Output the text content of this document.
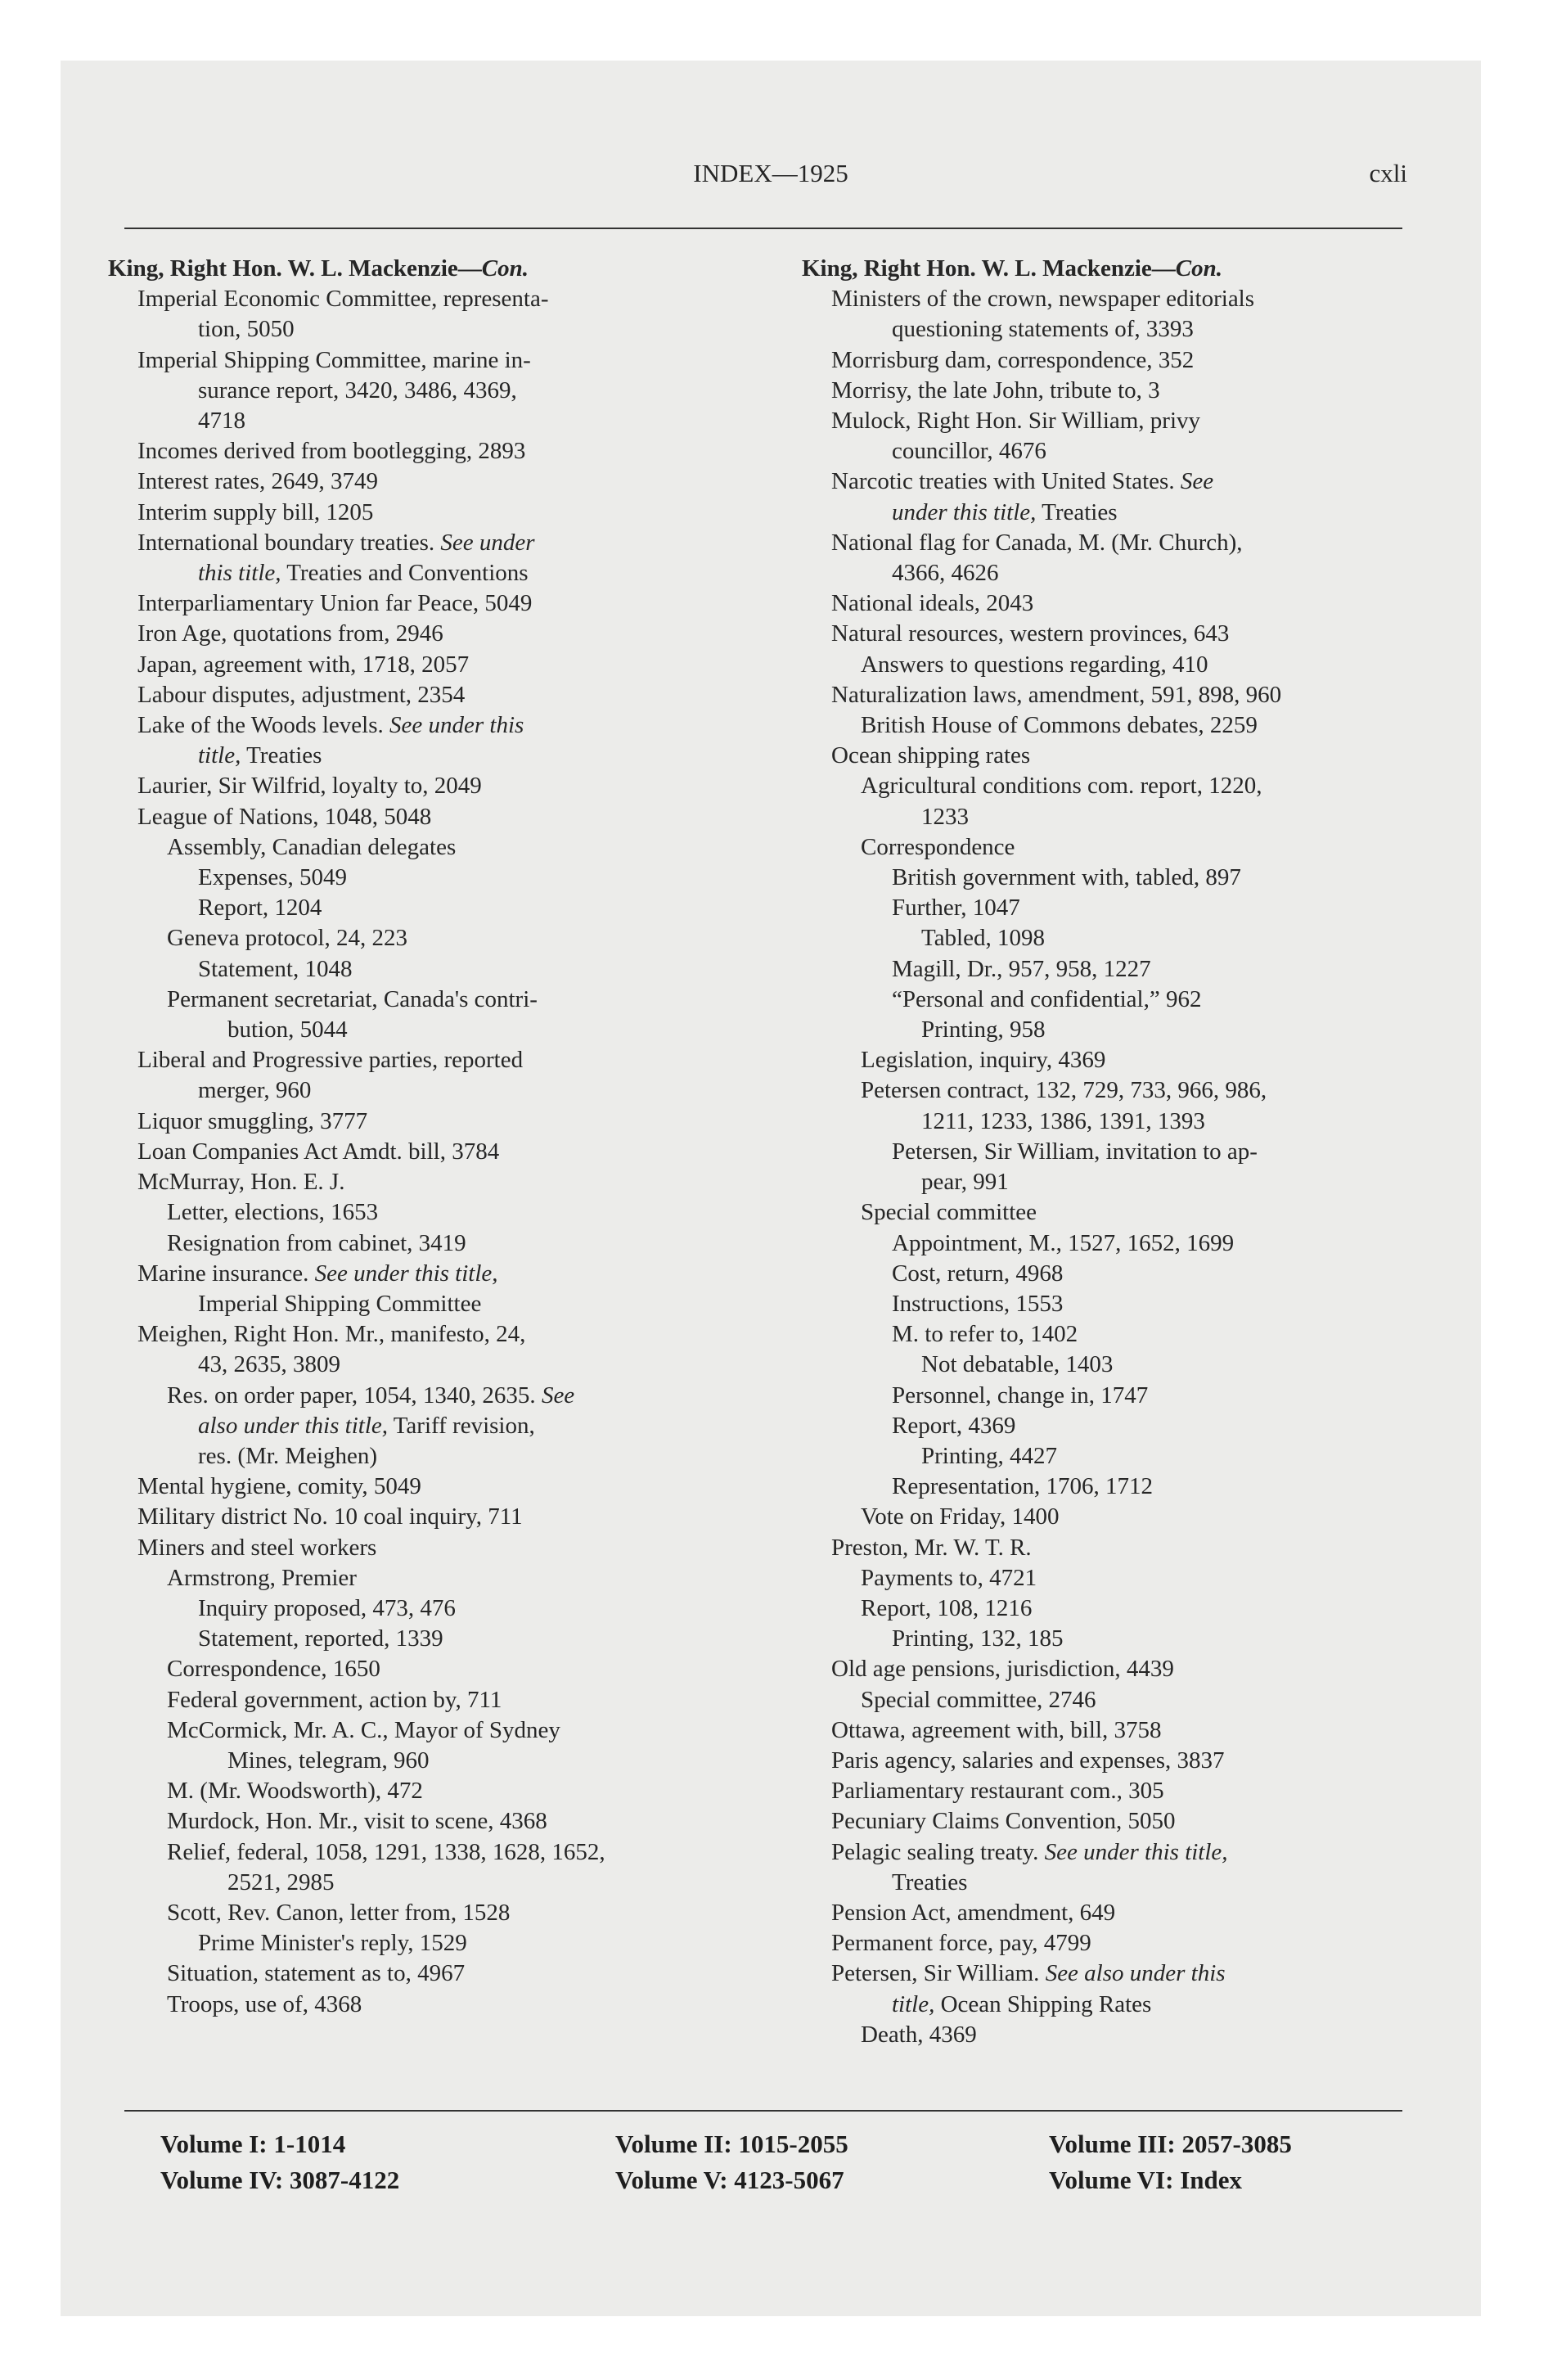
INDEX—1925	cxli
King, Right Hon. W. L. Mackenzie—Con.
Imperial Economic Committee, representa-
tion, 5050
Imperial Shipping Committee, marine in-
surance report, 3420, 3486, 4369,
4718
Incomes derived from bootlegging, 2893
Interest rates, 2649, 3749
Interim supply bill, 1205
International boundary treaties. See under
this title, Treaties and Conventions
Interparliamentary Union far Peace, 5049
Iron Age, quotations from, 2946
Japan, agreement with, 1718, 2057
Labour disputes, adjustment, 2354
Lake of the Woods levels. See under this
title, Treaties
Laurier, Sir Wilfrid, loyalty to, 2049
League of Nations, 1048, 5048
Assembly, Canadian delegates
Expenses, 5049
Report, 1204
Geneva protocol, 24, 223
Statement, 1048
Permanent secretariat, Canada's contri-
bution, 5044
Liberal and Progressive parties, reported
merger, 960
Liquor smuggling, 3777
Loan Companies Act Amdt. bill, 3784
McMurray, Hon. E. J.
Letter, elections, 1653
Resignation from cabinet, 3419
Marine insurance. See under this title,
Imperial Shipping Committee
Meighen, Right Hon. Mr., manifesto, 24,
43, 2635, 3809
Res. on order paper, 1054, 1340, 2635. See
also under this title, Tariff revision,
res. (Mr. Meighen)
Mental hygiene, comity, 5049
Military district No. 10 coal inquiry, 711
Miners and steel workers
Armstrong, Premier
Inquiry proposed, 473, 476
Statement, reported, 1339
Correspondence, 1650
Federal government, action by, 711
McCormick, Mr. A. C., Mayor of Sydney
Mines, telegram, 960
M. (Mr. Woodsworth), 472
Murdock, Hon. Mr., visit to scene, 4368
Relief, federal, 1058, 1291, 1338, 1628, 1652,
2521, 2985
Scott, Rev. Canon, letter from, 1528
Prime Minister's reply, 1529
Situation, statement as to, 4967
Troops, use of, 4368
King, Right Hon. W. L. Mackenzie—Con.
Ministers of the crown, newspaper editorials
questioning statements of, 3393
Morrisburg dam, correspondence, 352
Morrisy, the late John, tribute to, 3
Mulock, Right Hon. Sir William, privy
councillor, 4676
Narcotic treaties with United States. See
under this title, Treaties
National flag for Canada, M. (Mr. Church),
4366, 4626
National ideals, 2043
Natural resources, western provinces, 643
Answers to questions regarding, 410
Naturalization laws, amendment, 591, 898, 960
British House of Commons debates, 2259
Ocean shipping rates
Agricultural conditions com. report, 1220,
1233
Correspondence
British government with, tabled, 897
Further, 1047
Tabled, 1098
Magill, Dr., 957, 958, 1227
“Personal and confidential,” 962
Printing, 958
Legislation, inquiry, 4369
Petersen contract, 132, 729, 733, 966, 986,
1211, 1233, 1386, 1391, 1393
Petersen, Sir William, invitation to ap-
pear, 991
Special committee
Appointment, M., 1527, 1652, 1699
Cost, return, 4968
Instructions, 1553
M. to refer to, 1402
Not debatable, 1403
Personnel, change in, 1747
Report, 4369
Printing, 4427
Representation, 1706, 1712
Vote on Friday, 1400
Preston, Mr. W. T. R.
Payments to, 4721
Report, 108, 1216
Printing, 132, 185
Old age pensions, jurisdiction, 4439
Special committee, 2746
Ottawa, agreement with, bill, 3758
Paris agency, salaries and expenses, 3837
Parliamentary restaurant com., 305
Pecuniary Claims Convention, 5050
Pelagic sealing treaty. See under this title,
Treaties
Pension Act, amendment, 649
Permanent force, pay, 4799
Petersen, Sir William. See also under this
title, Ocean Shipping Rates
Death, 4369
Volume I: 1-1014
Volume IV: 3087-4122
Volume II: 1015-2055
Volume V: 4123-5067
Volume III: 2057-3085
Volume VI: Index
